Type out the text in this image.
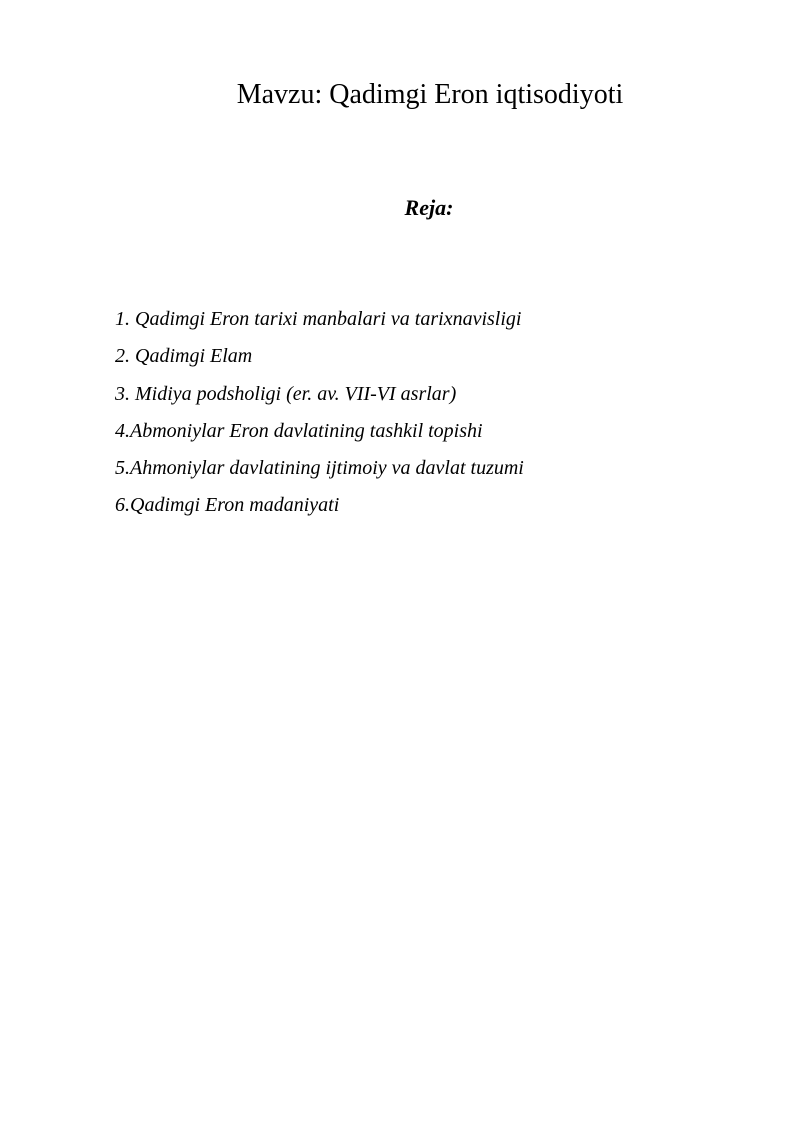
Mavzu: Qadimgi Eron iqtisodiyoti
Reja:
1. Qadimgi Eron tarixi manbalari va tarixnavisligi
2. Qadimgi Elam
3. Midiya podsholigi (er. av. VII-VI asrlar)
4.Abmoniylar Eron davlatining tashkil topishi
5.Ahmoniylar davlatining ijtimoiy va davlat tuzumi
6.Qadimgi Eron madaniyati
